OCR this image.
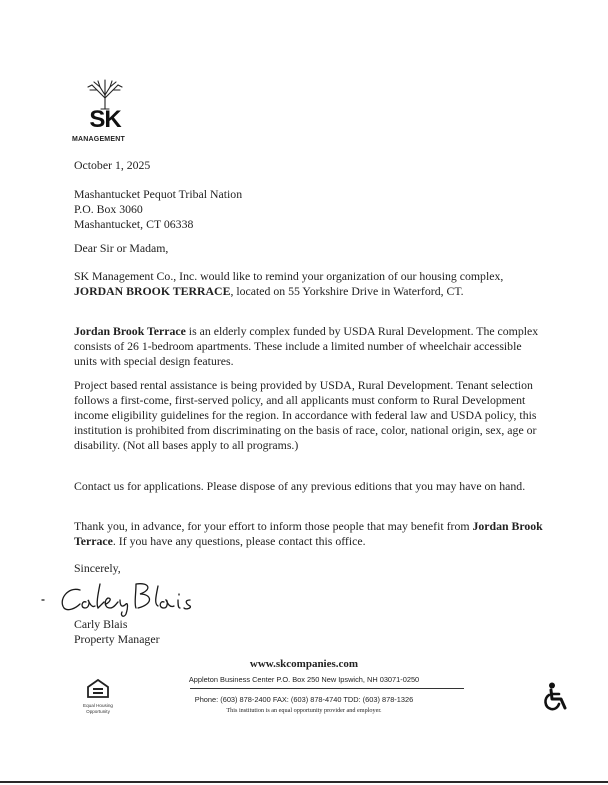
SK
MANAGEMENT
October 1, 2025
Mashantucket Pequot Tribal Nation
P.O. Box 3060
Mashantucket, CT 06338
Dear Sir or Madam,
SK Management Co., Inc. would like to remind your organization of our housing complex, JORDAN BROOK TERRACE, located on 55 Yorkshire Drive in Waterford, CT.
Jordan Brook Terrace is an elderly complex funded by USDA Rural Development. The complex consists of 26 1-bedroom apartments. These include a limited number of wheelchair accessible units with special design features.
Project based rental assistance is being provided by USDA, Rural Development. Tenant selection follows a first-come, first-served policy, and all applicants must conform to Rural Development income eligibility guidelines for the region. In accordance with federal law and USDA policy, this institution is prohibited from discriminating on the basis of race, color, national origin, sex, age or disability. (Not all bases apply to all programs.)
Contact us for applications. Please dispose of any previous editions that you may have on hand.
Thank you, in advance, for your effort to inform those people that may benefit from Jordan Brook Terrace. If you have any questions, please contact this office.
Sincerely,
Carly Blais
Property Manager
www.skcompanies.com
Appleton Business Center P.O. Box 250 New Ipswich, NH 03071-0250
Phone: (603) 878-2400 FAX: (603) 878-4740 TDD: (603) 878-1326
This institution is an equal opportunity provider and employer.
Equal Housing
Opportunity
